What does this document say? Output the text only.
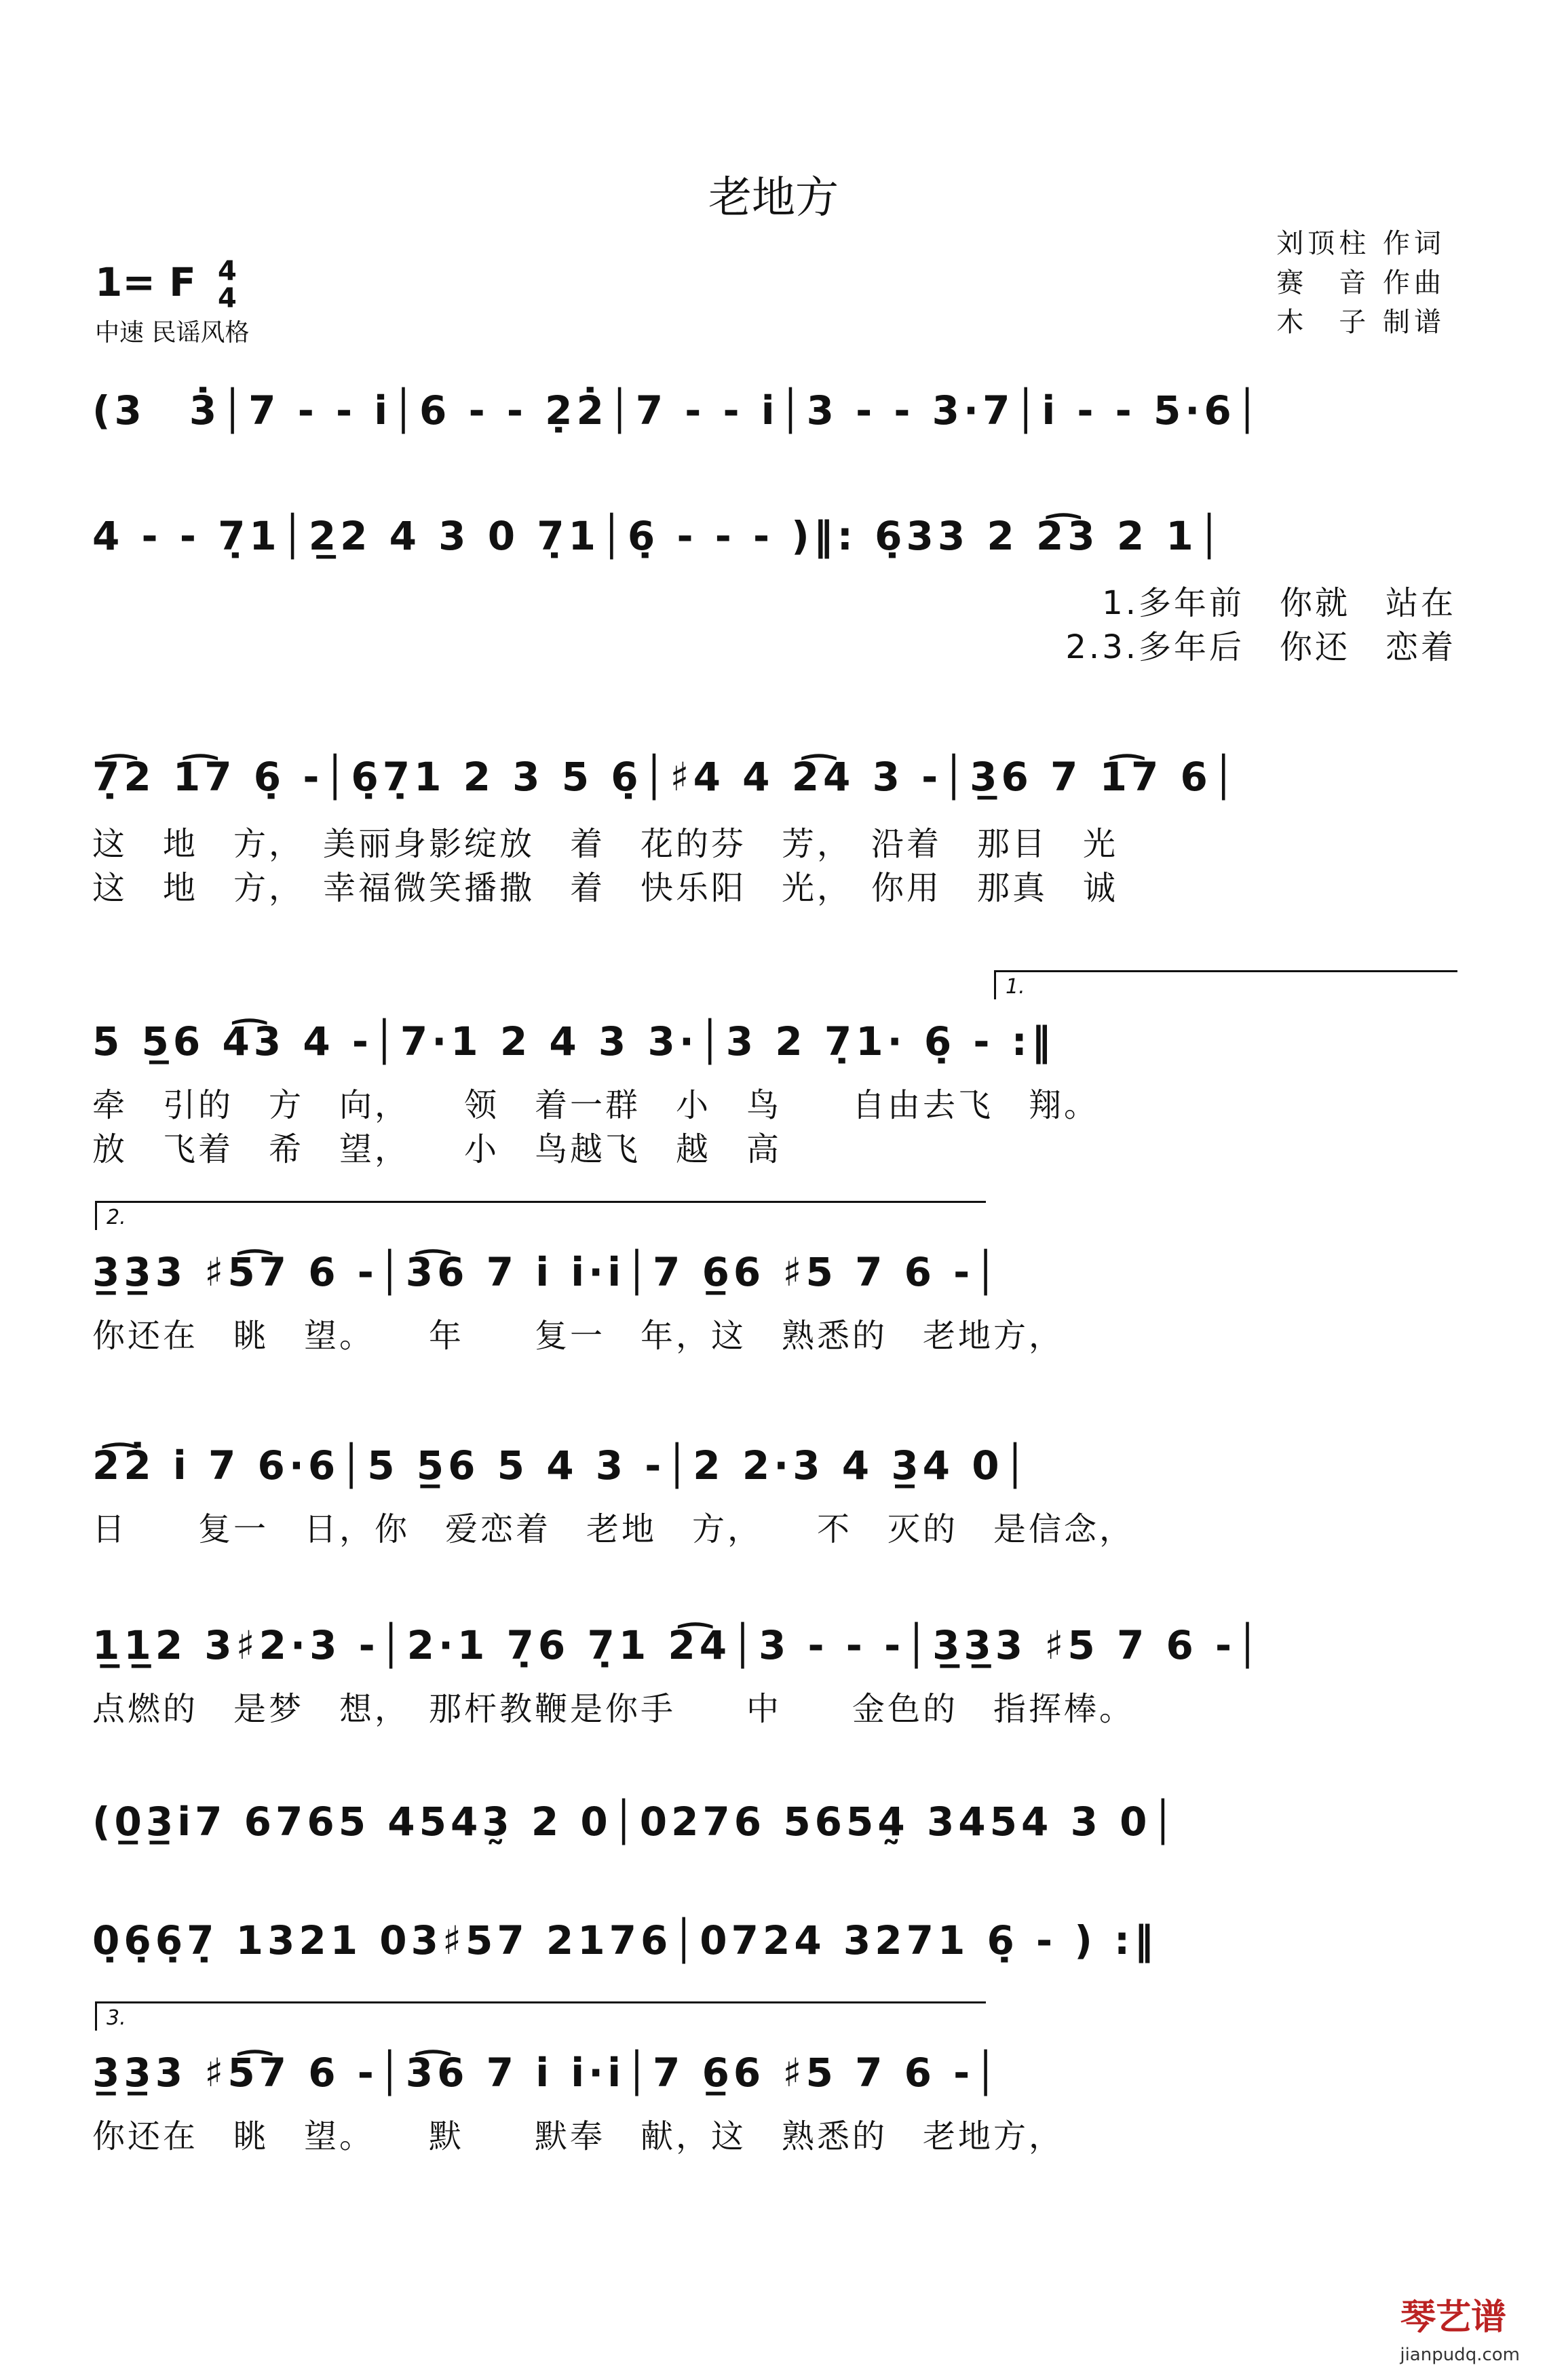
老地方
刘顶柱 作词
赛　音 作曲
木　子 制谱
1= F 4
4
中速 民谣风格
(3　3̇│7 - - i̇│6 - - 2̣2̇│7 - - i̇│3 - - 3·7│i̇ - - 5·6│
4 - - 7̣1│2̲2 4 3 0 7̣1│6̣ - - - )‖: 6̣33 2 2͡3 2 1│
1.多年前　你就　站在
2.3.多年后　你还　恋着
7̣͡2 1͡7 6̣ -│6̣7̣1 2 3 5 6̣│♯4 4 2͡4 3 -│3̲6 7 1͡7 6│
这　地　方，　美丽身影绽放　着　花的芬　芳，　沿着　那目　光
这　地　方，　幸福微笑播撒　着　快乐阳　光，　你用　那真　诚
1.
5 5̲6 4͡3 4 -│7·1 2 4 3 3·│3 2 7̣1· 6̣ - :‖
牵　引的　方　向，　　领　着一群　小　鸟　　自由去飞　翔。
放　飞着　希　望，　　小　鸟越飞　越　高
2.
3̲3̲3 ♯5͡7 6 -│3͡6 7 i̇ i̇·i̇│7 6̲6 ♯5 7 6 -│
你还在　眺　望。　　年　　复一　年，这　熟悉的　老地方，
2͡2̇ i̇ 7 6·6│5 5̲6 5 4 3 -│2 2·3 4 3̲4 0│
日　　复一　日，你　爱恋着　老地　方，　　不　灭的　是信念，
1̲1̲2 3♯2·3 -│2·1 7̣6 7̣1 2͡4│3 - - -│3̲3̲3 ♯5 7 6 -│
点燃的　是梦　想，　那杆教鞭是你手　　中　　金色的　指挥棒。
(0̲3̲i̇7 6765 4543̰ 2 0│0276 5654̰ 3454 3 0│
0̣6̣6̣7̣ 1321 03♯57 2176│0724 3271 6̣ - ) :‖
3.
3̲3̲3 ♯5͡7 6 -│3͡6 7 i̇ i̇·i̇│7 6̲6 ♯5 7 6 -│
你还在　眺　望。　　默　　默奉　献，这　熟悉的　老地方，
琴艺谱
jianpudq.com
